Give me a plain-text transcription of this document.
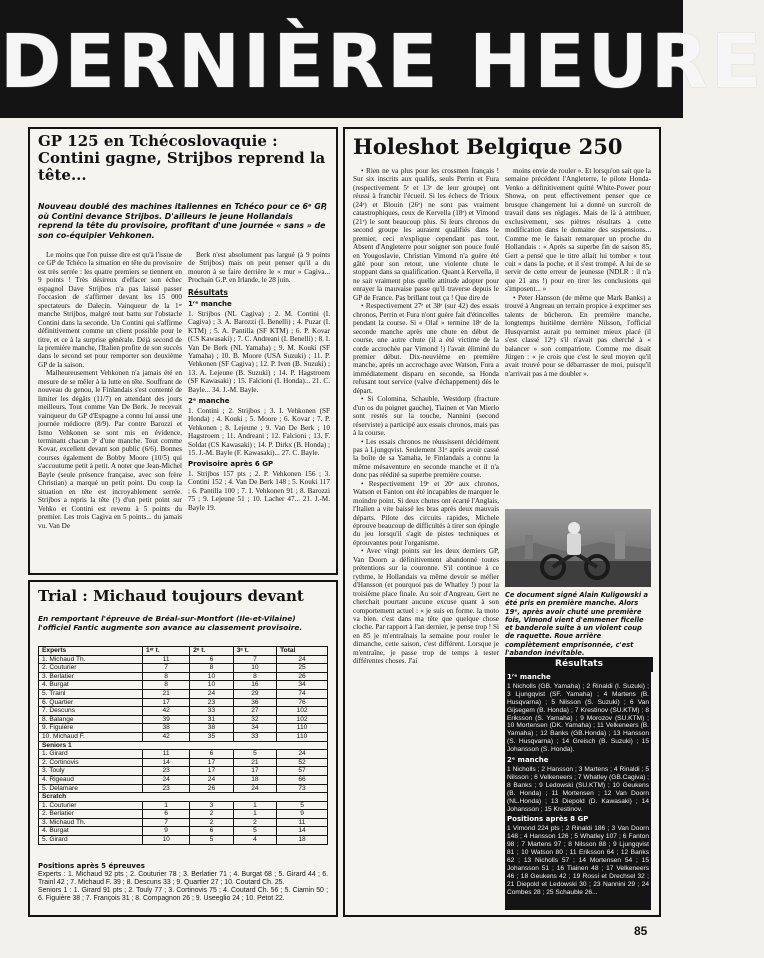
DERNIÈRE HEURE
GP 125 en Tchécoslovaquie : Contini gagne, Strijbos reprend la tête...
Nouveau doublé des machines italiennes en Tchéco pour ce 6ᵉ GP, où Contini devance Strijbos. D'ailleurs le jeune Hollandais reprend la tête du provisoire, profitant d'une journée « sans » de son co-équipier Vehkonen.

Le moins que l'on puisse dire est qu'à l'issue de ce GP de Tchéco la situation en tête du provisoire est très serrée : les quatre premiers se tiennent en 9 points ! Très désireux d'effacer son échec espagnol Dave Strijbos n'a pas laissé passer l'occasion de s'affirmer devant les 15 000 spectateurs de Dalecin. Vainqueur de la 1ʳᵉ manche Strijbos, malgré tout battu sur l'obstacle Contini dans la seconde. Un Contini qui s'affirme définitivement comme un client possible pour le titre, et ce à la surprise générale. Déjà second de la première manche, l'Italien profite de son succès dans le second set pour remporter son deuxième GP de la saison.

Malheureusement Vehkonen n'a jamais été en mesure de se mêler à la lutte en tête. Souffrant de nouveau du genou, le Finlandais s'est contenté de limiter les dégâts (11/7) en attendant des jours meilleurs. Tout comme Van De Berk. Je recevait vainqueur du GP d'Espagne a connu lui aussi une journée médiocre (8/9). Par contre Barozzi et Ismo Vehkonen se sont mis en évidence, terminant chacun 3ᵉ d'une manche. Tout comme Kovar, excellent devant son public (6/6). Bonnes courses également de Bobby Moore (10/5) qui s'accoutume petit à petit. A noter que Jean-Michel Bayle (seule présence française, avec son frère Christian) a marqué un petit point. Du coup la situation en tête est incroyablement serrée. Strijbos a repris la tête (!) d'un petit point sur Vehko et Contini est revenu à 5 points du premier. Les trois Cagiva en 5 points... du jamais vu. Van De

Berk n'est absolument pas largué (à 9 points de Strijbos) mais on peut penser qu'il a du mouron à se faire derrière le « mur » Cagiva... Prochain G.P. en Irlande, le 28 juin.

Résultats
1ʳᵉ manche

1. Strijbos (NL Cagiva) ; 2. M. Contini (I. Cagiva) ; 3. A. Barozzi (I. Benelli) ; 4. Puzar (I. KTM) ; 5. A. Pantilla (SF KTM) ; 6. P. Kovar (CS Kawasaki) ; 7. C. Andreani (I. Benelli) ; 8. I. Van De Berk (NL Yamaha) ; 9. M. Kouki (SF Yamaha) ; 10. B. Moore (USA Suzuki) ; 11. P. Vehkonen (SF Cagiva) ; 12. P. Iven (B. Suzuki) ; 13. A. Lejeune (B. Suzuki) ; 14. P. Hagstroem (SF Kawasaki) ; 15. Falcioni (I. Honda)... 21. C. Bayle... 34. J.-M. Bayle.

2ᵉ manche

1. Contini ; 2. Strijbos ; 3. I. Vehkonen (SF Honda) ; 4. Kouki ; 5. Moore ; 6. Kovar ; 7. P. Vehkonen ; 8. Lejeune ; 9. Van De Berk ; 10 Hagstroem ; 11. Andreani ; 12. Falcioni ; 13. F. Soldat (CS Kawasaki) ; 14. P. Dirkx (B. Honda) ; 15. J.-M. Bayle (F. Kawasaki)... 27. C. Bayle.

Provisoire après 6 GP

1. Strijbos 157 pts ; 2. P. Vehkonen 156 ; 3. Contini 152 ; 4. Van De Berk 148 ; 5. Kouki 117 ; 6. Pantilla 100 ; 7. I. Vehkonen 91 ; 8. Barozzi 75 ; 9. Lejeune 51 ; 10. Lacher 47... 21. J.-M. Bayle 19.

Trial : Michaud toujours devant
En remportant l'épreuve de Bréal-sur-Montfort (Ile-et-Vilaine) l'officiel Fantic augmente son avance au classement provisoire.
Experts	1ᵉʳ t.	2ᵉ t.	3ᵉ t.	Total
1. Michaud Th.	11	6	7	24
2. Couturier	7	8	10	25
3. Berlatier	8	10	8	26
4. Burgat	8	10	16	34
5. Trainl	21	24	29	74
6. Quartier	17	23	36	76
7. Descuns	42	33	27	102
8. Balange	39	31	32	102
9. Figuière	38	38	34	110
10. Michaud F.	42	35	33	110
Seniors 1				
1. Girard	11	6	5	24
2. Cortinovis	14	17	21	52
3. Touly	23	17	17	57
4. Rigeaud	24	24	18	66
5. Delamare	23	26	24	73
Scratch				
1. Couturier	1	3	1	5
2. Berlatier	6	2	1	9
3. Michaud Th.	7	2	2	11
4. Burgat	9	6	5	14
5. Girard	10	5	4	18
Positions après 5 épreuves

Experts : 1. Michaud 92 pts ; 2. Couturier 78 ; 3. Berlatier 71 ; 4. Burgat 68 ; 5. Girard 44 ; 6. Trainl 42 ; 7. Michaud F. 39 ; 8. Descuns 33 ; 9. Quartier 27 ; 10. Coutard Ch. 25.

Seniors 1 : 1. Girard 91 pts ; 2. Touly 77 ; 3. Cortinovis 75 ; 4. Coutard Ch. 56 ; 5. Ciamin 50 ; 6. Figuière 38 ; 7. François 31 ; 8. Compagnon 26 ; 9. Useeglio 24 ; 10. Petot 22.

Holeshot Belgique 250

• Rien ne va plus pour les crossmen français ! Sur six inscrits aux qualifs, seuls Perrin et Fura (respectivement 5ᵉ et 13ᵉ de leur groupe) ont réussi à franchir l'écueil. Si les échecs de Trioux (24ᵉ) et Blouin (26ᵉ) ne sont pas vraiment catastrophiques, ceux de Kervella (18ᵉ) et Vimond (21ᵉ) le sont beaucoup plus. Si leurs chronos du second groupe les auraient qualifiés dans le premier, ceci n'explique cependant pas tout. Absent d'Angleterre pour soigner son pouce foulé en Yougoslavie, Christian Vimond n'a guère été gâté pour son retour, une violente chute le stoppant dans sa qualification. Quant à Kervella, il ne sait vraiment plus quelle attitude adopter pour enrayer la mauvaise passe qu'il traverse depuis le GP de France. Pas brillant tout ça ! Que dire de

• Respectivement 27ᵉ et 38ᵉ (sur 42) des essais chronos, Perrin et Fura n'ont guère fait d'étincelles pendant la course. Si « Olaf » termine 18ᵉ de la seconde manche après une chute en début de course, une autre chute (il a été victime de la corde accrochée par Vimond !) l'avait éliminé du premier début. Dix-neuvième en première manche, après un accrochage avec Watson, Fura a immédiatement disparu en seconde, sa Honda refusant tout service (valve d'échappement) dès le départ.

• Si Colomina, Schauble, Westdorp (fracture d'un os du poignet gauche), Tiainen et Van Mierlo sont restés sur la touche, Nannini (second réserviste) a participé aux essais chronos, mais pas à la course.

• Les essais chronos ne réussissent décidément pas à Ljungqvist. Seulement 31ᵉ après avoir cassé la boîte de sa Yamaha, le Finlandais a connu la même mésaventure en seconde manche et il n'a donc pas réédité sa superbe première course.

• Respectivement 19ᵉ et 20ᵉ aux chronos, Watson et Fanton ont été incapables de marquer le moindre point. Si deux chutes ont écarté l'Anglais, l'Italien a vite baissé les bras après deux mauvais départs. Pilote des circuits rapides, Michele éprouve beaucoup de difficultés à tirer son épingle du jeu lorsqu'il s'agit de pistes techniques et éprouvantes pour l'organisme.

• Avec vingt points sur les deux derniers GP, Van Doorn a définitivement abandonné toutes prétentions sur la couronne. S'il continue à ce rythme, le Hollandais va même devoir se méfier d'Hansson (et pourquoi pas de Whatley !) pour la troisième place finale. Au soir d'Angreau, Gert ne cherchait pourtant aucune excuse quant à son comportement actuel : « je suis en forme. la moto va bien. c'est dans ma tête que quelque chose cloche. Par rapport à l'an dernier, je pense trop ! Si en 85 je m'entraînais la semaine pour rouler le dimanche, cette saison, c'est différent. Lorsque je m'entraîne, je passe trop de temps à tester différentes choses. J'ai

moins envie de rouler ». Et lorsqu'on sait que la semaine précédent l'Angleterre, le pilote Honda-Venko a définitivement quitté White-Power pour Showa, on peut effectivement penser que ce brusque changement lui a donné un surcroît de travail dans ses réglages. Mais de là à attribuer, exclusivement, ses piètres résultats à cette modification dans le domaine des suspensions... Comme me le faisait remarquer un proche du Hollandais : « Après sa superbe fin de saison 85, Gert a pensé que le titre allait lui tomber « tout cuit » dans la poche, et il s'est trompé. A lui de se servir de cette erreur de jeunesse (NDLR : il n'a que 21 ans !) pour en tirer les conclusions qui s'imposent... »

• Peter Hansson (de même que Mark Banks) a trouvé à Angreau un terrain propice à exprimer ses talents de bûcheron. En première manche, longtemps huitième derrière Nilsson, l'official Husqvarnist aurait pu terminer mieux placé (il s'est classé 12ᵉ) s'il n'avait pas cherché à « balancer » son compatriote. Comme me disait Jürgen : « je crois que c'est le seul moyen qu'il avait trouvé pour se débarrasser de moi, puisqu'il n'arrivait pas à me doubler ».

Ce document signé Alain Kuligowski a été pris en première manche. Alors 19ᵉ, après avoir chuté une première fois, Vimond vient d'emmener ficelle et banderole suite à un violent coup de raquette. Roue arrière complètement emprisonnée, c'est l'abandon inévitable.
Résultats
1ʳᵉ manche

1 Nicholls (GB. Yamaha) ; 2 Rinaldi (I. Suzuki) ; 3 Ljungqvist (SF. Yamaha) ; 4 Martens (B. Husqvarna) ; 5 Nilsson (S. Suzuki) ; 6 Van Gijsegem (B. Honda) ; 7 Krestinov (SU.KTM) ; 8 Eriksson (S. Yamaha) ; 9 Morozov (SU.KTM) ; 10 Mortensen (DK. Yamaha) ; 11 Velkeneers (B. Yamaha) ; 12 Banks (GB.Honda) ; 13 Hansson (S. Husqvarna) ; 14 Greisch (B. Suzuki) ; 15 Johansson (S. Honda).

2ᵉ manche

1 Nicholls ; 2 Hansson ; 3 Martens ; 4 Rinaldi ; 5 Nilsson ; 6 Velkeneers ; 7 Whatley (GB.Cagiva) ; 8 Banks ; 9 Ledowski (SU.KTM) ; 10 Geukens (B. Honda) ; 11 Mortensen ; 12 Van Doorn (NL.Honda) ; 13 Diepold (D. Kawasaki) ; 14 Johansson ; 15 Krestinov.

Positions après 8 GP

1 Vimond 224 pts ; 2 Rinaldi 186 ; 3 Van Doorn 148 ; 4 Hansson 126 ; 5 Whatley 107 ; 6 Fanton 98 ; 7 Martens 97 ; 8 Nilsson 88 ; 9 Ljungqvist 81 ; 10 Watson 80 ; 11 Eriksson 64 ; 12 Banks 62 ; 13 Nicholls 57 ; 14 Mortensen 54 ; 15 Johansson 51 ; 16 Tiainen 48 ; 17 Velkeneers 46 ; 18 Geukens 42 ; 19 Rossi et Drechsel 32 ; 21 Diepold et Ledowski 30 ; 23 Nannini 29 ; 24 Combes 28 ; 25 Schauble 26...

85
